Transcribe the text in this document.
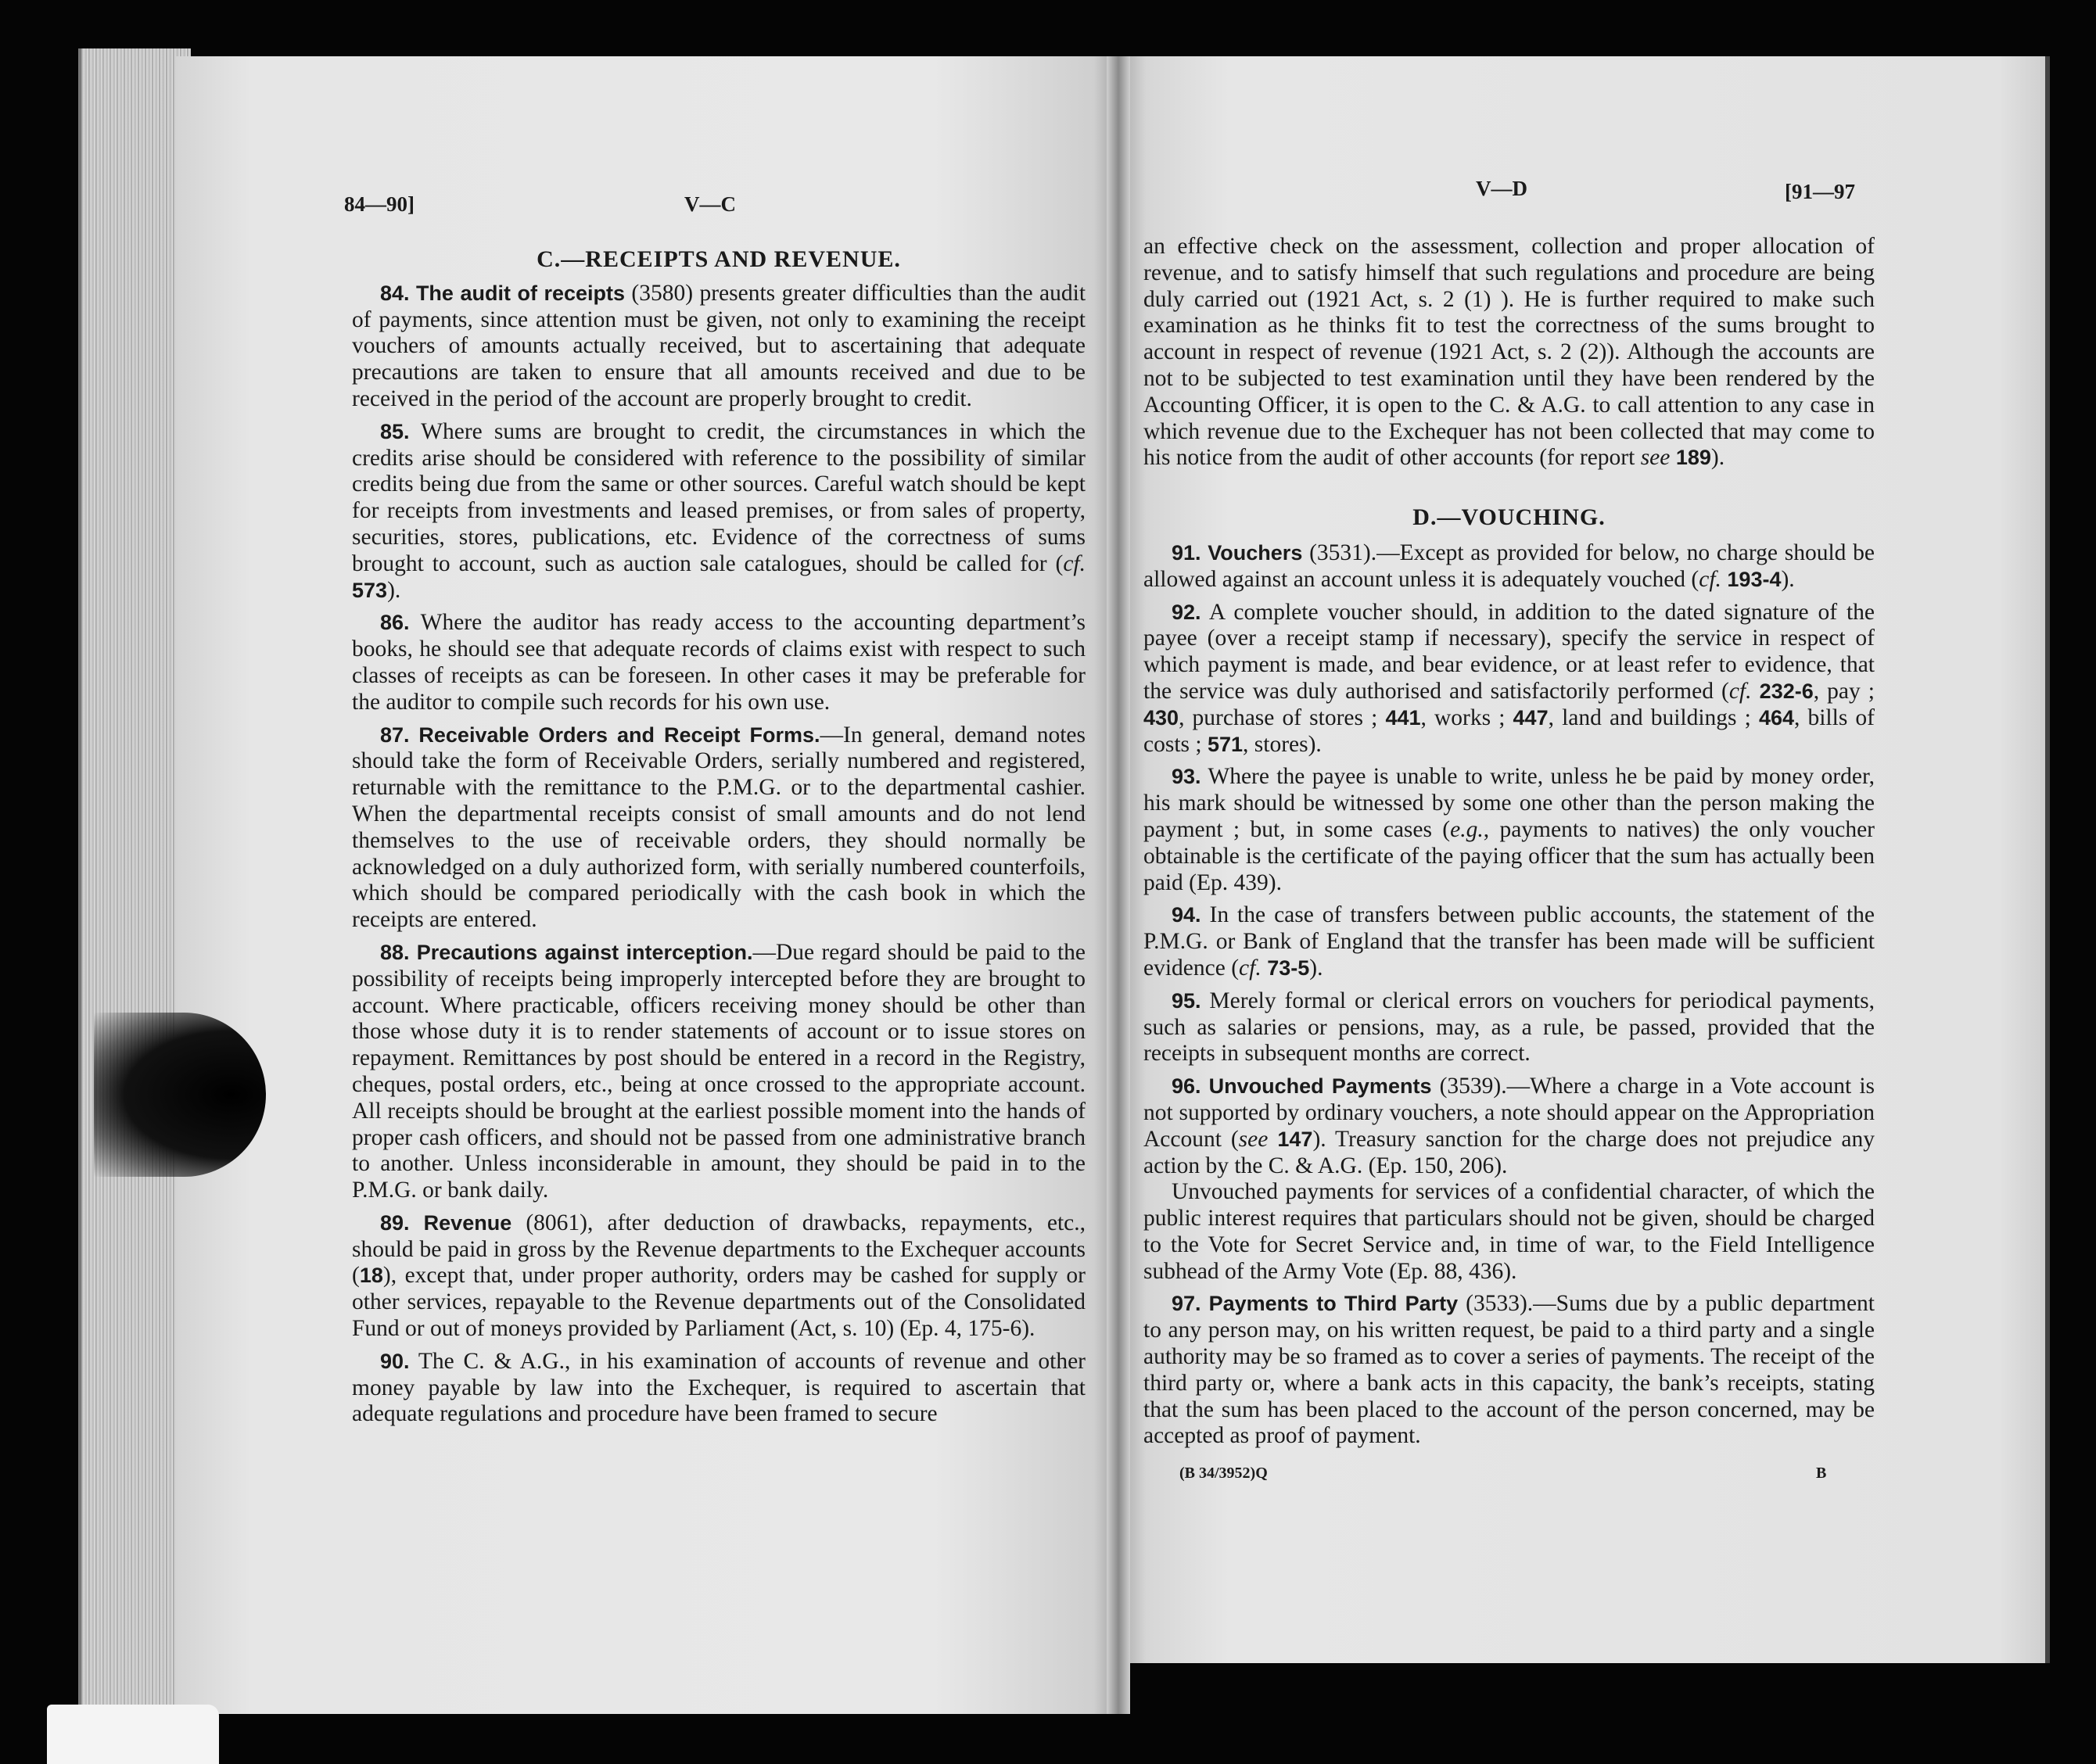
84—90]	V—C
C.—RECEIPTS AND REVENUE.

84. The audit of receipts (3580) presents greater difficulties than the audit of payments, since attention must be given, not only to examining the receipt vouchers of amounts actually received, but to ascertaining that adequate precautions are taken to ensure that all amounts received and due to be received in the period of the account are properly brought to credit.

85. Where sums are brought to credit, the circumstances in which the credits arise should be considered with reference to the possibility of similar credits being due from the same or other sources. Careful watch should be kept for receipts from investments and leased premises, or from sales of property, securities, stores, publications, etc. Evidence of the correctness of sums brought to account, such as auction sale catalogues, should be called for (cf. 573).

86. Where the auditor has ready access to the accounting department’s books, he should see that adequate records of claims exist with respect to such classes of receipts as can be foreseen. In other cases it may be preferable for the auditor to compile such records for his own use.

87. Receivable Orders and Receipt Forms.—In general, demand notes should take the form of Receivable Orders, serially numbered and registered, returnable with the remittance to the P.M.G. or to the departmental cashier. When the departmental receipts consist of small amounts and do not lend themselves to the use of receivable orders, they should normally be acknowledged on a duly authorized form, with serially numbered counterfoils, which should be compared periodically with the cash book in which the receipts are entered.

88. Precautions against interception.—Due regard should be paid to the possibility of receipts being improperly intercepted before they are brought to account. Where practicable, officers receiving money should be other than those whose duty it is to render statements of account or to issue stores on repayment. Remittances by post should be entered in a record in the Registry, cheques, postal orders, etc., being at once crossed to the appropriate account. All receipts should be brought at the earliest possible moment into the hands of proper cash officers, and should not be passed from one administrative branch to another. Unless inconsiderable in amount, they should be paid in to the P.M.G. or bank daily.

89. Revenue (8061), after deduction of drawbacks, repayments, etc., should be paid in gross by the Revenue departments to the Exchequer accounts (18), except that, under proper authority, orders may be cashed for supply or other services, repayable to the Revenue departments out of the Consolidated Fund or out of moneys provided by Parliament (Act, s. 10) (Ep. 4, 175-6).

90. The C. & A.G., in his examination of accounts of revenue and other money payable by law into the Exchequer, is required to ascertain that adequate regulations and procedure have been framed to secure

V—D	[91—97

an effective check on the assessment, collection and proper allocation of revenue, and to satisfy himself that such regulations and procedure are being duly carried out (1921 Act, s. 2 (1) ). He is further required to make such examination as he thinks fit to test the correctness of the sums brought to account in respect of revenue (1921 Act, s. 2 (2)). Although the accounts are not to be subjected to test examination until they have been rendered by the Accounting Officer, it is open to the C. & A.G. to call attention to any case in which revenue due to the Exchequer has not been collected that may come to his notice from the audit of other accounts (for report see 189).

D.—VOUCHING.

91. Vouchers (3531).—Except as provided for below, no charge should be allowed against an account unless it is adequately vouched (cf. 193-4).

92. A complete voucher should, in addition to the dated signature of the payee (over a receipt stamp if necessary), specify the service in respect of which payment is made, and bear evidence, or at least refer to evidence, that the service was duly authorised and satisfactorily performed (cf. 232-6, pay ; 430, purchase of stores ; 441, works ; 447, land and buildings ; 464, bills of costs ; 571, stores).

93. Where the payee is unable to write, unless he be paid by money order, his mark should be witnessed by some one other than the person making the payment ; but, in some cases (e.g., payments to natives) the only voucher obtainable is the certificate of the paying officer that the sum has actually been paid (Ep. 439).

94. In the case of transfers between public accounts, the statement of the P.M.G. or Bank of England that the transfer has been made will be sufficient evidence (cf. 73-5).

95. Merely formal or clerical errors on vouchers for periodical payments, such as salaries or pensions, may, as a rule, be passed, provided that the receipts in subsequent months are correct.

96. Unvouched Payments (3539).—Where a charge in a Vote account is not supported by ordinary vouchers, a note should appear on the Appropriation Account (see 147). Treasury sanction for the charge does not prejudice any action by the C. & A.G. (Ep. 150, 206).

Unvouched payments for services of a confidential character, of which the public interest requires that particulars should not be given, should be charged to the Vote for Secret Service and, in time of war, to the Field Intelligence subhead of the Army Vote (Ep. 88, 436).

97. Payments to Third Party (3533).—Sums due by a public department to any person may, on his written request, be paid to a third party and a single authority may be so framed as to cover a series of payments. The receipt of the third party or, where a bank acts in this capacity, the bank’s receipts, stating that the sum has been placed to the account of the person concerned, may be accepted as proof of payment.

(B 34/3952)Q	B
